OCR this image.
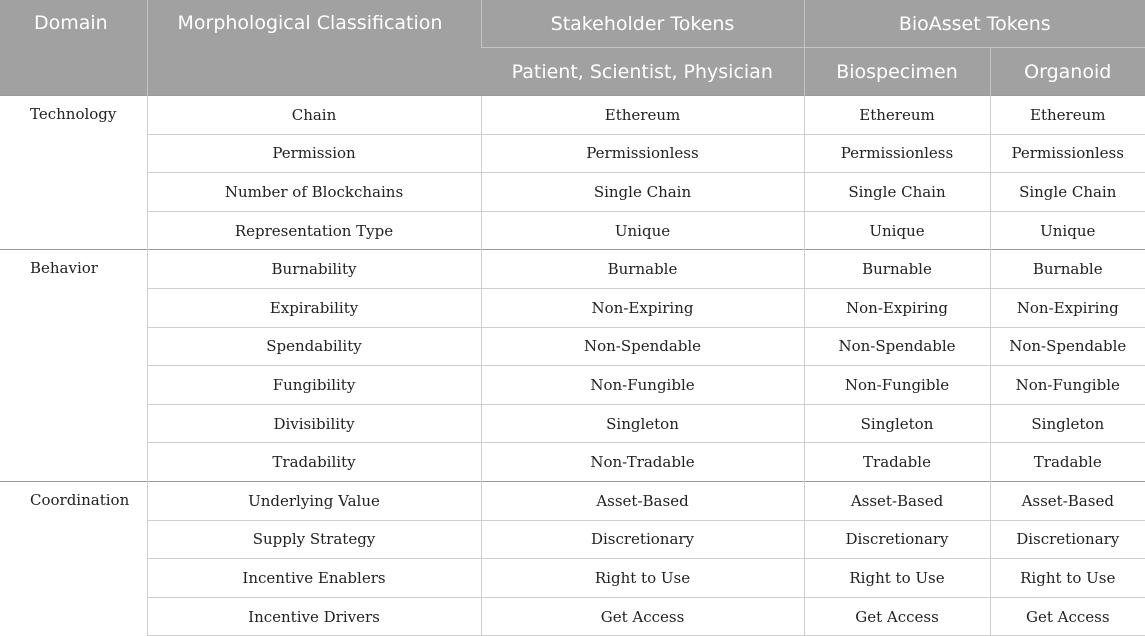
Domain	Morphological Classification	Stakeholder Tokens	BioAsset Tokens	
		Patient, Scientist, Physician	Biospecimen	Organoid
Technology	Chain	Ethereum	Ethereum	Ethereum
	Permission	Permissionless	Permissionless	Permissionless
	Number of Blockchains	Single Chain	Single Chain	Single Chain
	Representation Type	Unique	Unique	Unique
Behavior	Burnability	Burnable	Burnable	Burnable
	Expirability	Non-Expiring	Non-Expiring	Non-Expiring
	Spendability	Non-Spendable	Non-Spendable	Non-Spendable
	Fungibility	Non-Fungible	Non-Fungible	Non-Fungible
	Divisibility	Singleton	Singleton	Singleton
	Tradability	Non-Tradable	Tradable	Tradable
Coordination	Underlying Value	Asset-Based	Asset-Based	Asset-Based
	Supply Strategy	Discretionary	Discretionary	Discretionary
	Incentive Enablers	Right to Use	Right to Use	Right to Use
	Incentive Drivers	Get Access	Get Access	Get Access
